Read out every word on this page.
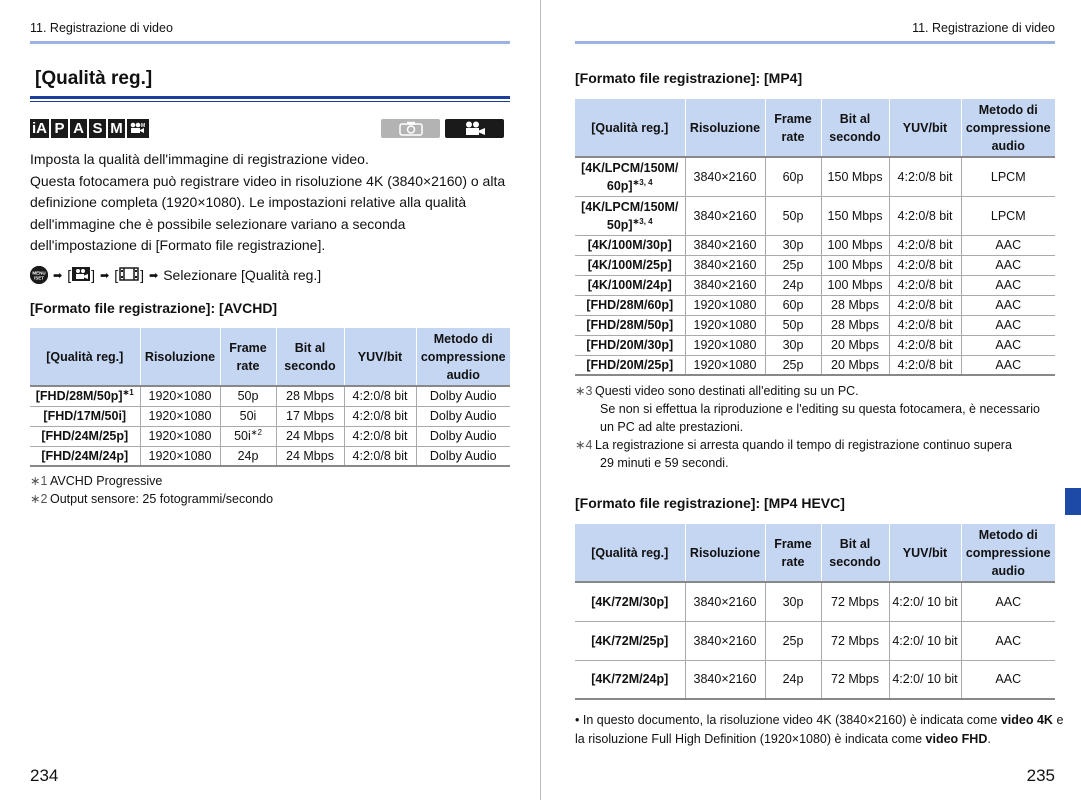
11. Registrazione di video
[Qualità reg.]
iA P A S M	M
Imposta la qualità dell'immagine di registrazione video.
Questa fotocamera può registrare video in risoluzione 4K (3840×2160) o alta definizione completa (1920×1080). Le impostazioni relative alla qualità dell'immagine che è possibile selezionare variano a seconda dell'impostazione di [Formato file registrazione].
MENU
/SET ➡ [ ] ➡ [ ] ➡ Selezionare [Qualità reg.]
[Formato file registrazione]: [AVCHD]
[Qualità reg.]	Risoluzione	Frame rate	Bit al secondo	YUV/bit	Metodo di compressione audio
$[FHD/28M/50p]^{∗1}$	1920×1080	50p	28 Mbps	4:2:0/8 bit	Dolby Audio
[FHD/17M/50i]	1920×1080	50i	17 Mbps	4:2:0/8 bit	Dolby Audio
[FHD/24M/25p]	1920×1080	$50i^{∗2}$	24 Mbps	4:2:0/8 bit	Dolby Audio
[FHD/24M/24p]	1920×1080	24p	24 Mbps	4:2:0/8 bit	Dolby Audio
∗1 AVCHD Progressive
∗2 Output sensore: 25 fotogrammi/secondo
234
11. Registrazione di video
[Formato file registrazione]: [MP4]
[Qualità reg.]	Risoluzione	Frame rate	Bit al secondo	YUV/bit	Metodo di compressione audio
[4K/LPCM/150M/ 60p]$^{∗3, 4}$	3840×2160	60p	150 Mbps	4:2:0/8 bit	LPCM
[4K/LPCM/150M/ 50p]$^{∗3, 4}$	3840×2160	50p	150 Mbps	4:2:0/8 bit	LPCM
[4K/100M/30p]	3840×2160	30p	100 Mbps	4:2:0/8 bit	AAC
[4K/100M/25p]	3840×2160	25p	100 Mbps	4:2:0/8 bit	AAC
[4K/100M/24p]	3840×2160	24p	100 Mbps	4:2:0/8 bit	AAC
[FHD/28M/60p]	1920×1080	60p	28 Mbps	4:2:0/8 bit	AAC
[FHD/28M/50p]	1920×1080	50p	28 Mbps	4:2:0/8 bit	AAC
[FHD/20M/30p]	1920×1080	30p	20 Mbps	4:2:0/8 bit	AAC
[FHD/20M/25p]	1920×1080	25p	20 Mbps	4:2:0/8 bit	AAC
∗3 Questi video sono destinati all'editing su un PC.
Se non si effettua la riproduzione e l'editing su questa fotocamera, è necessario
un PC ad alte prestazioni.
∗4 La registrazione si arresta quando il tempo di registrazione continuo supera
29 minuti e 59 secondi.
[Formato file registrazione]: [MP4 HEVC]
[Qualità reg.]	Risoluzione	Frame rate	Bit al secondo	YUV/bit	Metodo di compressione audio
[4K/72M/30p]	3840×2160	30p	72 Mbps	4:2:0/ 10 bit	AAC
[4K/72M/25p]	3840×2160	25p	72 Mbps	4:2:0/ 10 bit	AAC
[4K/72M/24p]	3840×2160	24p	72 Mbps	4:2:0/ 10 bit	AAC
235

• In questo documento, la risoluzione video 4K (3840×2160) è indicata come video 4K e la risoluzione Full High Definition (1920×1080) è indicata come video FHD.
